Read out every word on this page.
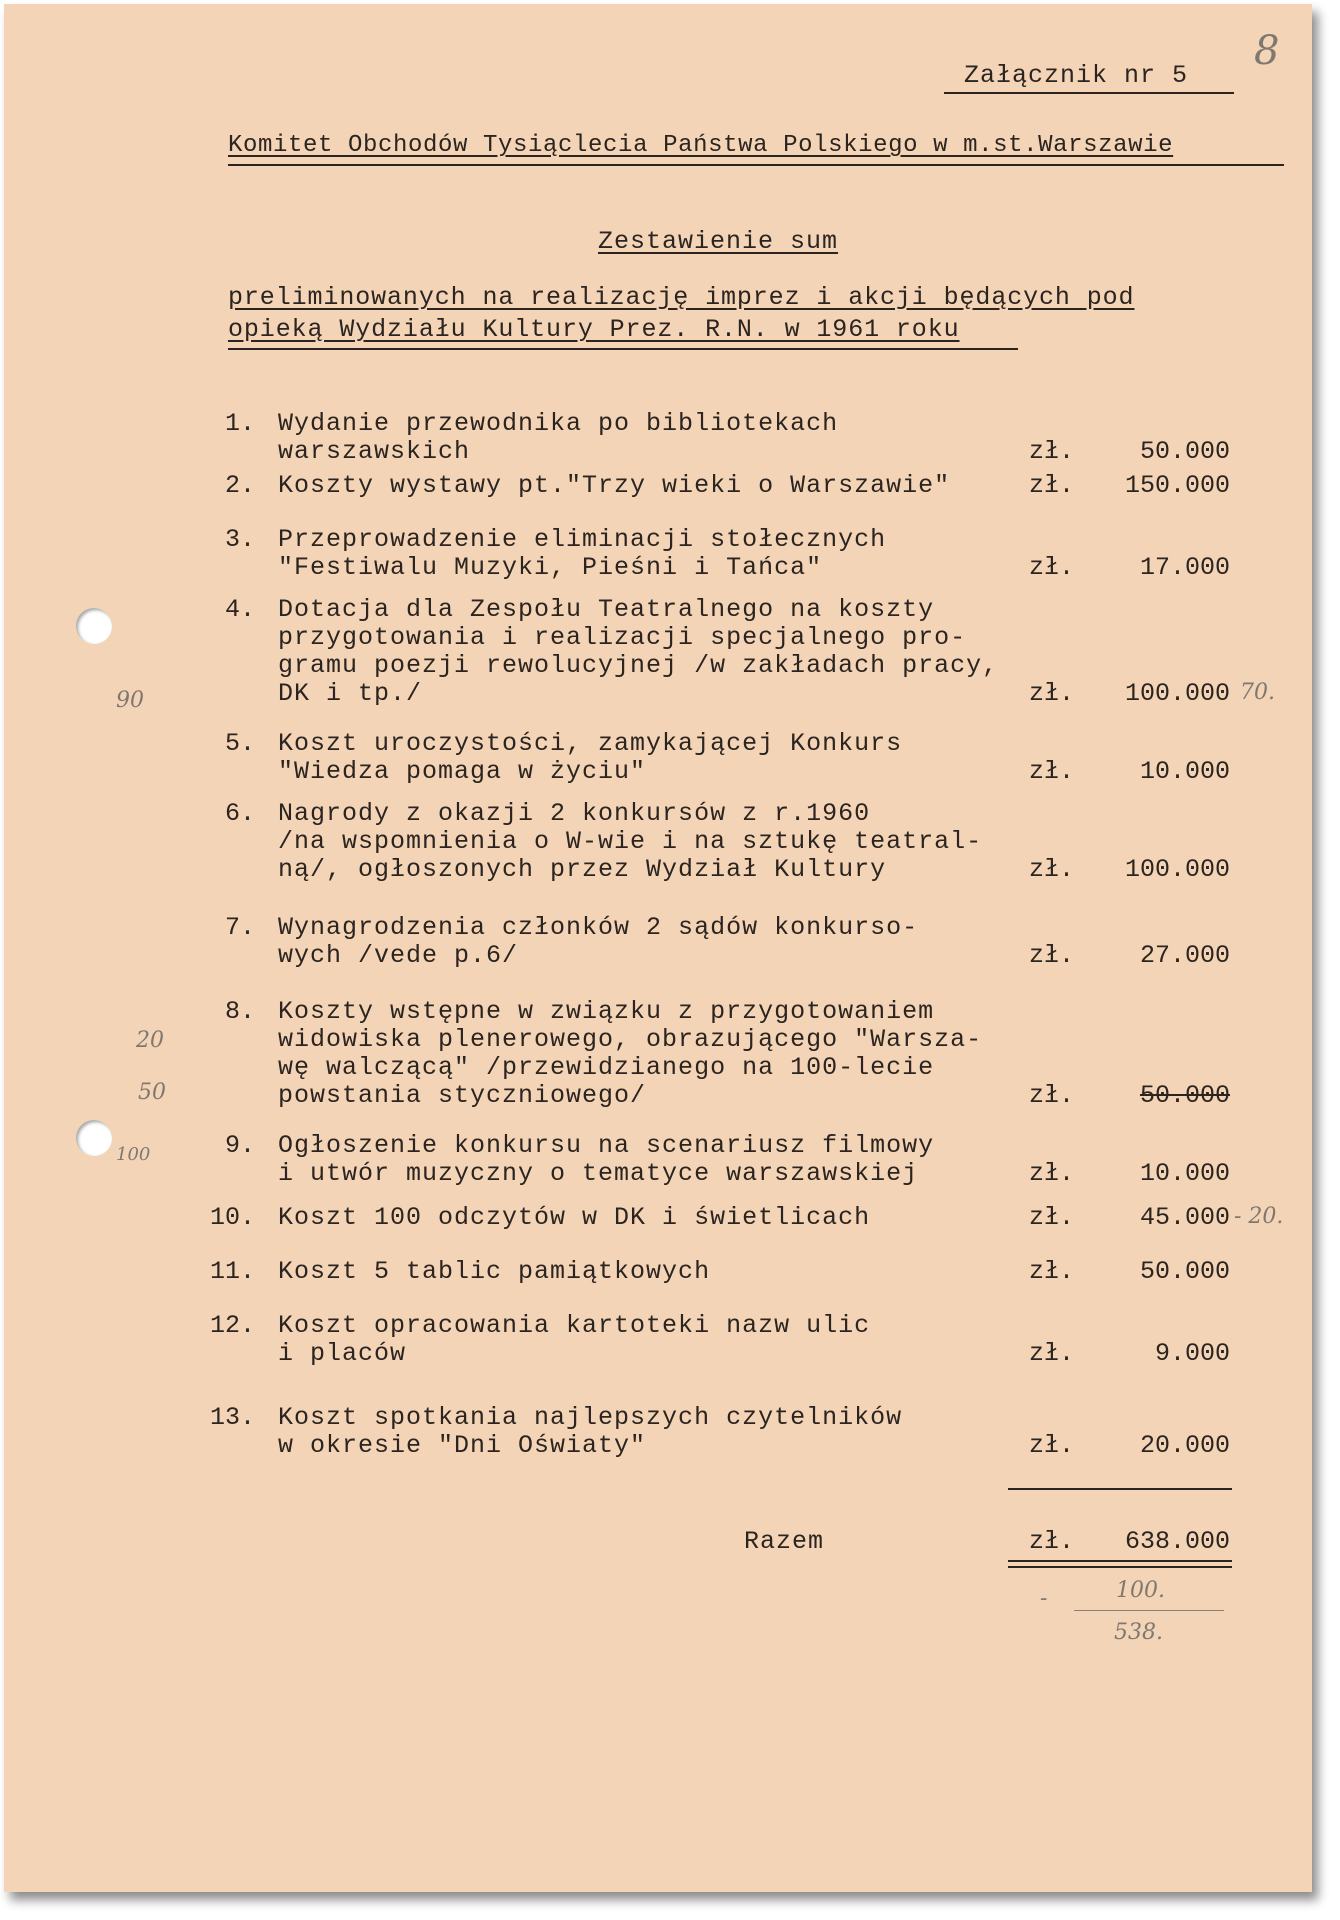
8
Załącznik nr 5
Komitet Obchodów Tysiąclecia Państwa Polskiego w m.st.Warszawie
Zestawienie sum
preliminowanych na realizację imprez i akcji będących pod
opieką Wydziału Kultury Prez. R.N. w 1961 roku
1. Wydanie przewodnika po bibliotekach
warszawskich	zł.	50.000
2. Koszty wystawy pt."Trzy wieki o Warszawie"	zł.	150.000
3. Przeprowadzenie eliminacji stołecznych
"Festiwalu Muzyki, Pieśni i Tańca"	zł.	17.000
4. Dotacja dla Zespołu Teatralnego na koszty
przygotowania i realizacji specjalnego pro-
gramu poezji rewolucyjnej /w zakładach pracy,
DK i tp./	zł.	100.000 70.
90
5. Koszt uroczystości, zamykającej Konkurs
"Wiedza pomaga w życiu"	zł.	10.000
6. Nagrody z okazji 2 konkursów z r.1960
/na wspomnienia o W-wie i na sztukę teatral-
ną/, ogłoszonych przez Wydział Kultury	zł.	100.000
7. Wynagrodzenia członków 2 sądów konkurso-
wych /vede p.6/	zł.	27.000
8. Koszty wstępne w związku z przygotowaniem
widowiska plenerowego, obrazującego "Warsza-
wę walczącą" /przewidzianego na 100-lecie
powstania styczniowego/	zł.	50.000
20
50
100	9. Ogłoszenie konkursu na scenariusz filmowy
i utwór muzyczny o tematyce warszawskiej	zł.	10.000
10. Koszt 100 odczytów w DK i świetlicach	zł.	45.000 - 20.
11. Koszt 5 tablic pamiątkowych	zł.	50.000
12. Koszt opracowania kartoteki nazw ulic
i placów	zł.	9.000
13. Koszt spotkania najlepszych czytelników
w okresie "Dni Oświaty"	zł.	20.000
Razem	zł.	638.000
-	100.
538.
